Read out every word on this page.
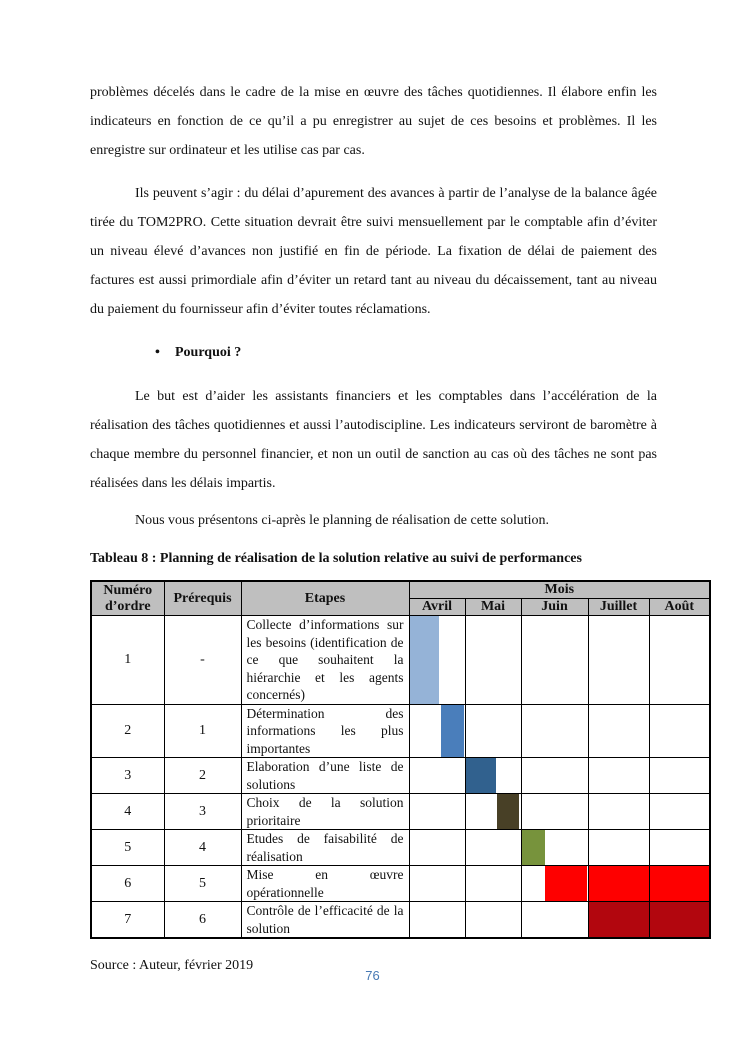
problèmes décelés dans le cadre de la mise en œuvre des tâches quotidiennes. Il élabore enfin les indicateurs en fonction de ce qu’il a pu enregistrer au sujet de ces besoins et problèmes. Il les enregistre sur ordinateur et les utilise cas par cas.

Ils peuvent s’agir : du délai d’apurement des avances à partir de l’analyse de la balance âgée tirée du TOM2PRO. Cette situation devrait être suivi mensuellement par le comptable afin d’éviter un niveau élevé d’avances non justifié en fin de période. La fixation de délai de paiement des factures est aussi primordiale afin d’éviter un retard tant au niveau du décaissement, tant au niveau du paiement du fournisseur afin d’éviter toutes réclamations.

• Pourquoi ?

Le but est d’aider les assistants financiers et les comptables dans l’accélération de la réalisation des tâches quotidiennes et aussi l’autodiscipline. Les indicateurs serviront de baromètre à chaque membre du personnel financier, et non un outil de sanction au cas où des tâches ne sont pas réalisées dans les délais impartis.

Nous vous présentons ci-après le planning de réalisation de cette solution.

Tableau 8 : Planning de réalisation de la solution relative au suivi de performances

Numéro d’ordre	Prérequis	Etapes	Mois				
			Avril	Mai	Juin	Juillet	Août
1	-	Collecte d’informations sur les besoins (identification de ce que souhaitent la hiérarchie et les agents concernés)	

2	1	Détermination des informations les plus importantes	

3	2	Elaboration d’une liste de solutions		

4	3	Choix de la solution prioritaire		

5	4	Etudes de faisabilité de réalisation			

6	5	Mise en œuvre opérationnelle			

7	6	Contrôle de l’efficacité de la solution				

Source : Auteur, février 2019

76
